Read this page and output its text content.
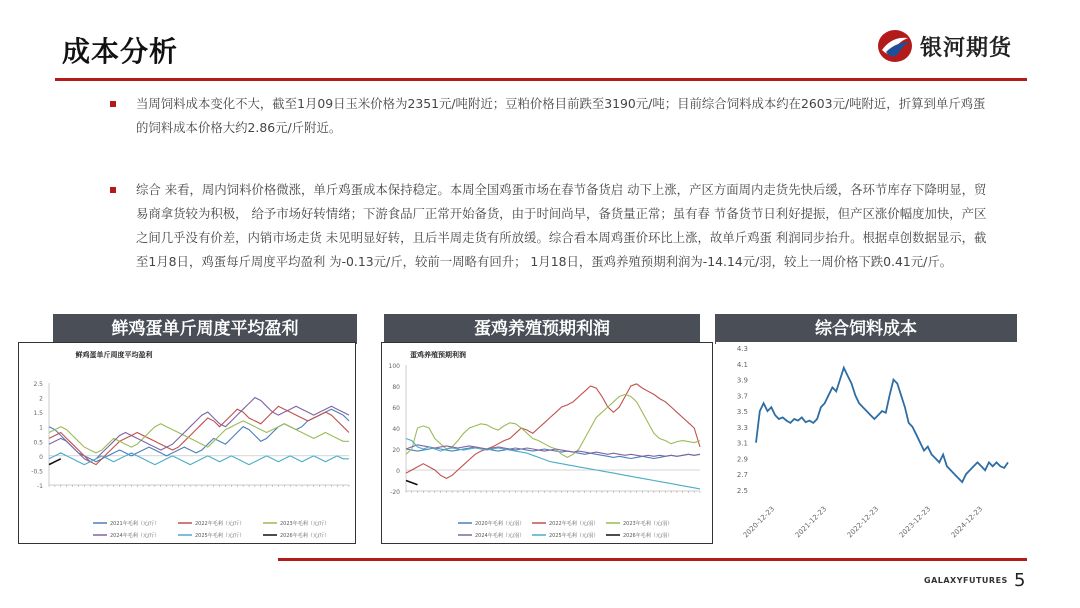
成本分析	银河期货
当周饲料成本变化不大，截至1月09日玉米价格为2351元/吨附近；豆粕价格目前跌至3190元/吨；目前综合饲料成本约在2603元/吨附近，折算到单斤鸡蛋的饲料成本价格大约2.86元/斤附近。
综合 来看，周内饲料价格微涨，单斤鸡蛋成本保持稳定。本周全国鸡蛋市场在春节备货启 动下上涨，产区方面周内走货先快后缓，各环节库存下降明显，贸易商拿货较为积极， 给予市场好转情绪；下游食品厂正常开始备货，由于时间尚早，备货量正常；虽有春 节备货节日利好提振，但产区涨价幅度加快，产区之间几乎没有价差，内销市场走货 未见明显好转，且后半周走货有所放缓。综合看本周鸡蛋价环比上涨，故单斤鸡蛋 利润同步抬升。根据卓创数据显示，截至1月8日，鸡蛋每斤周度平均盈利 为-0.13元/斤，较前一周略有回升； 1月18日，蛋鸡养殖预期利润为-14.14元/羽，较上一周价格下跌0.41元/斤。
鲜鸡蛋单斤周度平均盈利
鲜鸡蛋单斤周度平均盈利
2.5
2
1.5
1
0.5
0
-0.5
-1
2021年毛利（元/斤）	2022年毛利（元/斤）	2023年毛利（元/斤）
2024年毛利（元/斤）	2025年毛利（元/斤）	2026年毛利（元/斤）
蛋鸡养殖预期利润
蛋鸡养殖预期利润
100
80
60
40
20
0
-20
2020年毛利（元/羽）	2022年毛利（元/羽）	2023年毛利（元/羽）
2024年毛利（元/羽）	2025年毛利（元/羽）	2026年毛利（元/羽）
综合饲料成本
4.3
4.1
3.9
3.7
3.5
3.3
3.1
2.9
2.7
2.5
2020-12-23	2021-12-23	2022-12-23	2023-12-23	2024-12-23
GALAXYFUTURES 5
